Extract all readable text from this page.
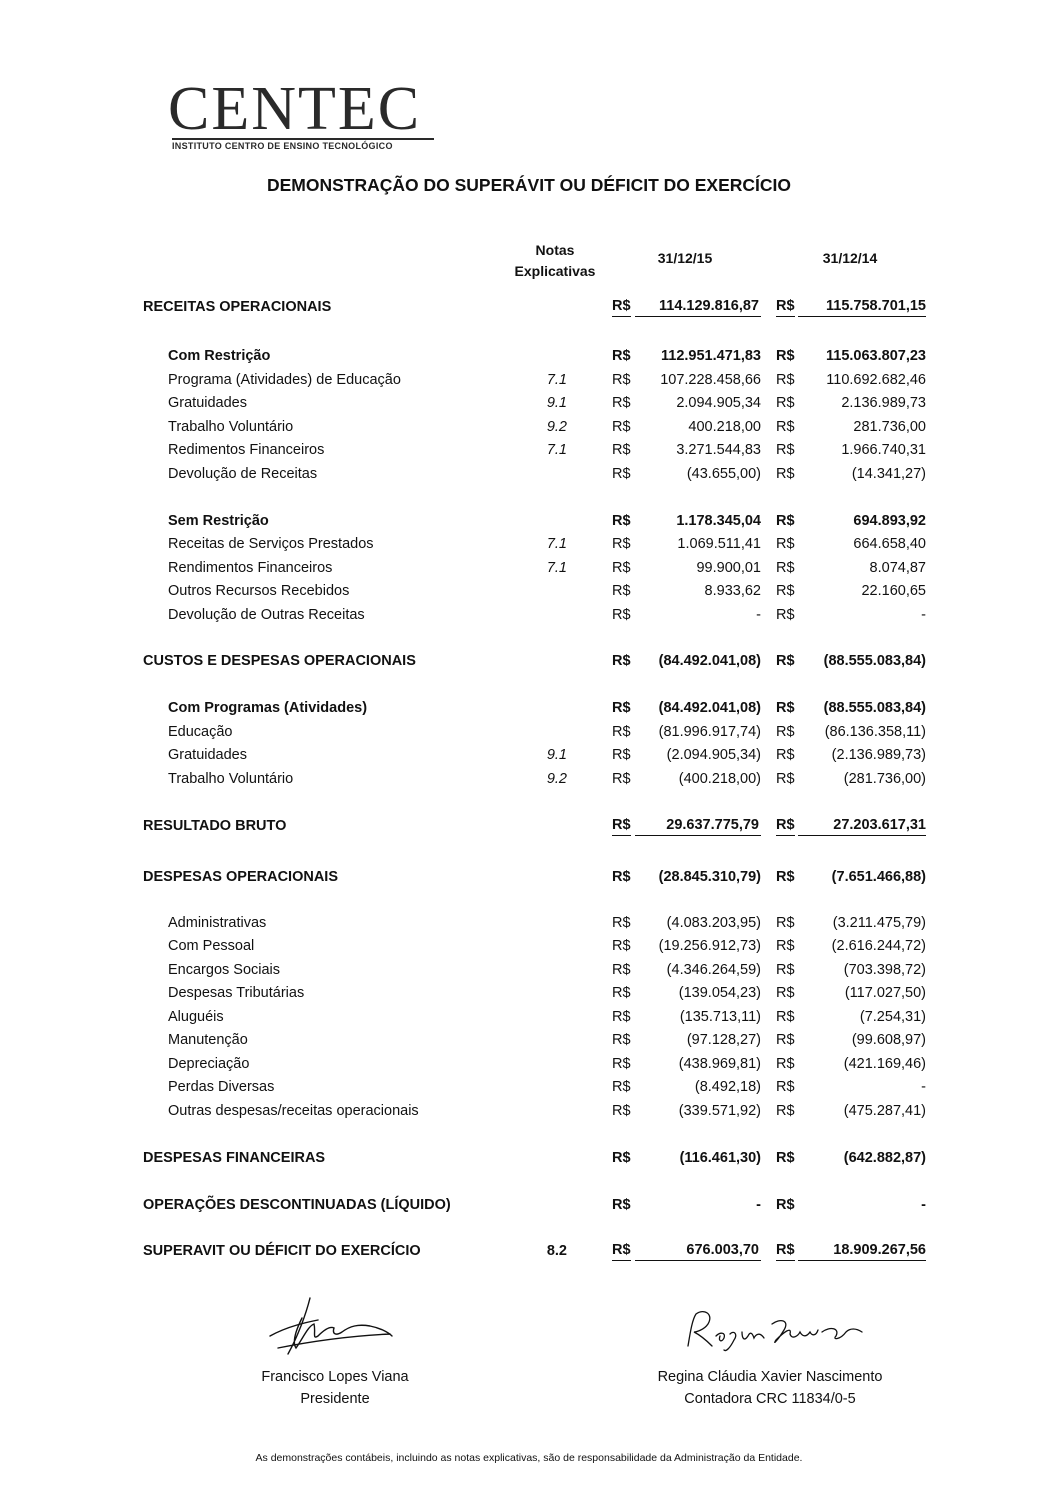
CENTEC
INSTITUTO CENTRO DE ENSINO TECNOLÓGICO
DEMONSTRAÇÃO DO SUPERÁVIT OU DÉFICIT DO EXERCÍCIO
Notas
Explicativas
31/12/15	31/12/14
RECEITAS OPERACIONAIS	R$	114.129.816,87 R$	115.758.701,15
Com Restrição	R$	112.951.471,83 R$	115.063.807,23
Programa (Atividades) de Educação	7.1	R$	107.228.458,66 R$	110.692.682,46
Gratuidades	9.1	R$	2.094.905,34 R$	2.136.989,73
Trabalho Voluntário	9.2	R$	400.218,00 R$	281.736,00
Redimentos Financeiros	7.1	R$	3.271.544,83 R$	1.966.740,31
Devolução de Receitas	R$	(43.655,00) R$	(14.341,27)
Sem Restrição	R$	1.178.345,04 R$	694.893,92
Receitas de Serviços Prestados	7.1	R$	1.069.511,41 R$	664.658,40
Rendimentos Financeiros	7.1	R$	99.900,01 R$	8.074,87
Outros Recursos Recebidos	R$	8.933,62 R$	22.160,65
Devolução de Outras Receitas	R$	- R$	-
CUSTOS E DESPESAS OPERACIONAIS	R$	(84.492.041,08) R$	(88.555.083,84)
Com Programas (Atividades)	R$	(84.492.041,08) R$	(88.555.083,84)
Educação	R$	(81.996.917,74) R$	(86.136.358,11)
Gratuidades	9.1	R$	(2.094.905,34) R$	(2.136.989,73)
Trabalho Voluntário	9.2	R$	(400.218,00) R$	(281.736,00)
RESULTADO BRUTO	R$	29.637.775,79 R$	27.203.617,31
DESPESAS OPERACIONAIS	R$	(28.845.310,79) R$	(7.651.466,88)
Administrativas	R$	(4.083.203,95) R$	(3.211.475,79)
Com Pessoal	R$	(19.256.912,73) R$	(2.616.244,72)
Encargos Sociais	R$	(4.346.264,59) R$	(703.398,72)
Despesas Tributárias	R$	(139.054,23) R$	(117.027,50)
Aluguéis	R$	(135.713,11) R$	(7.254,31)
Manutenção	R$	(97.128,27) R$	(99.608,97)
Depreciação	R$	(438.969,81) R$	(421.169,46)
Perdas Diversas	R$	(8.492,18) R$	-
Outras despesas/receitas operacionais	R$	(339.571,92) R$	(475.287,41)
DESPESAS FINANCEIRAS	R$	(116.461,30) R$	(642.882,87)
OPERAÇÕES DESCONTINUADAS (LÍQUIDO)	R$	- R$	-
SUPERAVIT OU DÉFICIT DO EXERCÍCIO	8.2	R$	676.003,70 R$	18.909.267,56
Francisco Lopes Viana
Presidente
Regina Cláudia Xavier Nascimento
Contadora CRC 11834/0-5
As demonstrações contábeis, incluindo as notas explicativas, são de responsabilidade da Administração da Entidade.
